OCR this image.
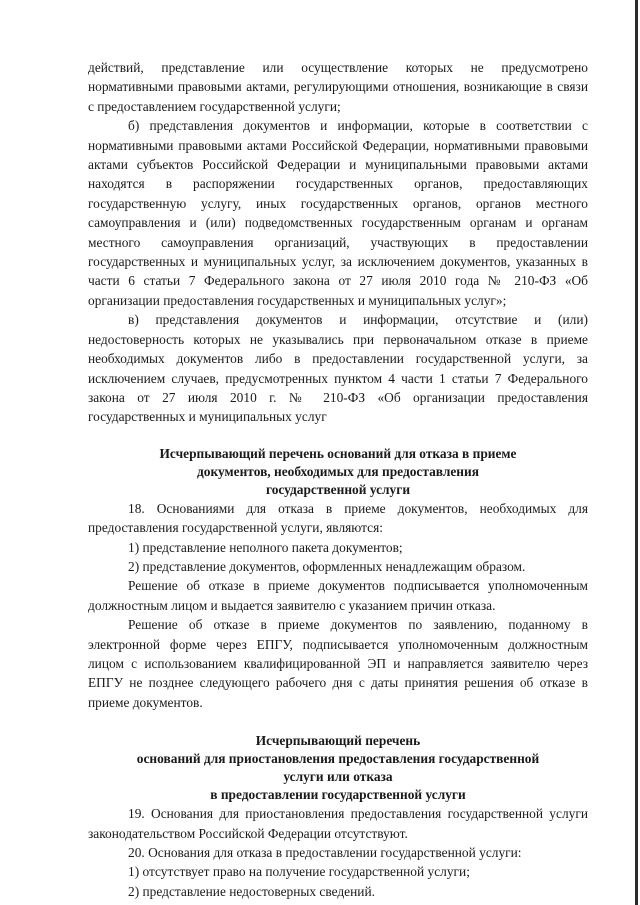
действий, представление или осуществление которых не предусмотрено нормативными правовыми актами, регулирующими отношения, возникающие в связи с предоставлением государственной услуги;

б) представления документов и информации, которые в соответствии с нормативными правовыми актами Российской Федерации, нормативными правовыми актами субъектов Российской Федерации и муниципальными правовыми актами находятся в распоряжении государственных органов, предоставляющих государственную услугу, иных государственных органов, органов местного самоуправления и (или) подведомственных государственным органам и органам местного самоуправления организаций, участвующих в предоставлении государственных и муниципальных услуг, за исключением документов, указанных в части 6 статьи 7 Федерального закона от 27 июля 2010 года № 210-ФЗ «Об организации предоставления государственных и муниципальных услуг»;

в) представления документов и информации, отсутствие и (или) недостоверность которых не указывались при первоначальном отказе в приеме необходимых документов либо в предоставлении государственной услуги, за исключением случаев, предусмотренных пунктом 4 части 1 статьи 7 Федерального закона от 27 июля 2010 г. № 210-ФЗ «Об организации предоставления государственных и муниципальных услуг

Исчерпывающий перечень оснований для отказа в приеме
документов, необходимых для предоставления
государственной услуги

18. Основаниями для отказа в приеме документов, необходимых для предоставления государственной услуги, являются:

1) представление неполного пакета документов;

2) представление документов, оформленных ненадлежащим образом.

Решение об отказе в приеме документов подписывается уполномоченным должностным лицом и выдается заявителю с указанием причин отказа.

Решение об отказе в приеме документов по заявлению, поданному в электронной форме через ЕПГУ, подписывается уполномоченным должностным лицом с использованием квалифицированной ЭП и направляется заявителю через ЕПГУ не позднее следующего рабочего дня с даты принятия решения об отказе в приеме документов.

Исчерпывающий перечень
оснований для приостановления предоставления государственной
услуги или отказа
в предоставлении государственной услуги

19. Основания для приостановления предоставления государственной услуги законодательством Российской Федерации отсутствуют.

20. Основания для отказа в предоставлении государственной услуги:

1) отсутствует право на получение государственной услуги;

2) представление недостоверных сведений.
